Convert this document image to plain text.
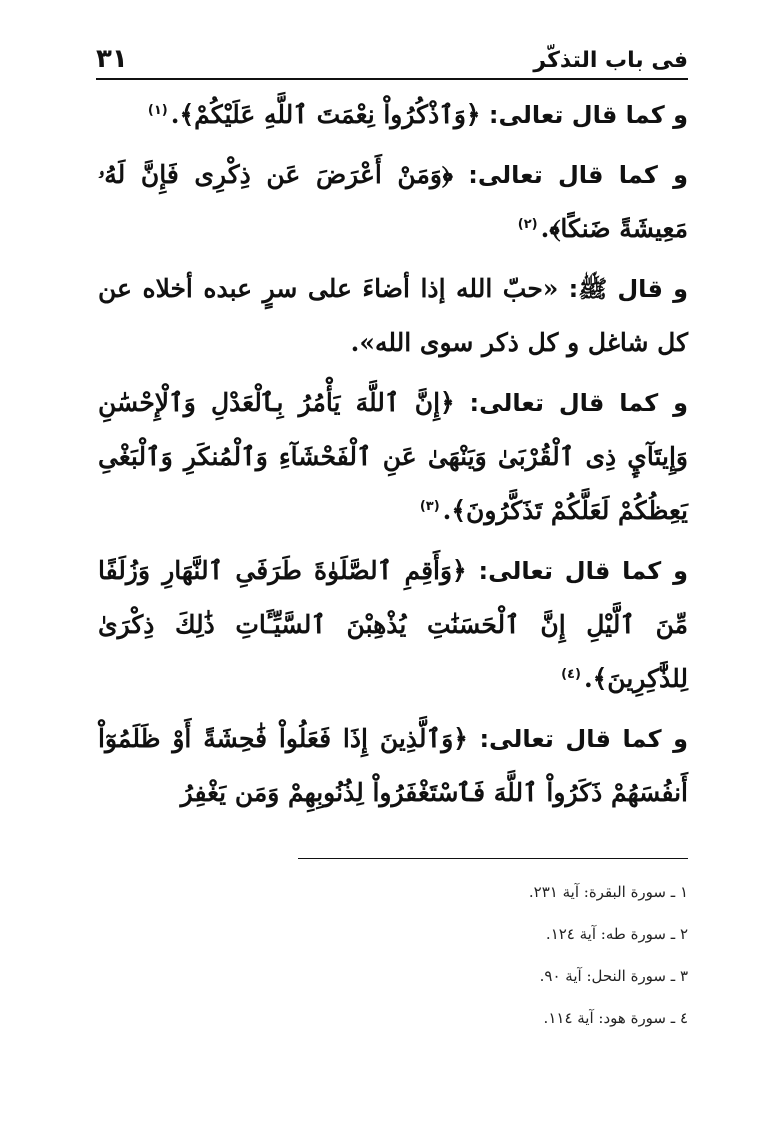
فى باب التذكّر
٣١

و كما قال تعالى: ﴿وَٱذْكُرُواْ نِعْمَتَ ٱللَّهِ عَلَيْكُمْ﴾.$^{(١)}$

و كما قال تعالى: ﴿وَمَنْ أَعْرَضَ عَن ذِكْرِى فَإِنَّ لَهُۥ مَعِيشَةً ضَنكًا﴾.$^{(٢)}$

و قال ﷺ: «حبّ الله إذا أضاءَ على سرٍ عبده أخلاه عن كل شاغل و كل ذكر سوى الله».

و كما قال تعالى: ﴿إِنَّ ٱللَّهَ يَأْمُرُ بِٱلْعَدْلِ وَٱلْإِحْسَٰنِ وَإِيتَآيِٕ ذِى ٱلْقُرْبَىٰ وَيَنْهَىٰ عَنِ ٱلْفَحْشَآءِ وَٱلْمُنكَرِ وَٱلْبَغْىِ يَعِظُكُمْ لَعَلَّكُمْ تَذَكَّرُونَ﴾.$^{(٣)}$

و كما قال تعالى: ﴿وَأَقِمِ ٱلصَّلَوٰةَ طَرَفَىِ ٱلنَّهَارِ وَزُلَفًا مِّنَ ٱلَّيْلِ إِنَّ ٱلْحَسَنَٰتِ يُذْهِبْنَ ٱلسَّيِّـَٔاتِ ذَٰلِكَ ذِكْرَىٰ لِلذَّٰكِرِينَ﴾.$^{(٤)}$

و كما قال تعالى: ﴿وَٱلَّذِينَ إِذَا فَعَلُواْ فَٰحِشَةً أَوْ ظَلَمُوٓاْ أَنفُسَهُمْ ذَكَرُواْ ٱللَّهَ فَٱسْتَغْفَرُواْ لِذُنُوبِهِمْ وَمَن يَغْفِرُ

١ ـ سورة البقرة: آية ٢٣١.
٢ ـ سورة طه: آية ١٢٤.
٣ ـ سورة النحل: آية ٩٠.
٤ ـ سورة هود: آية ١١٤.
